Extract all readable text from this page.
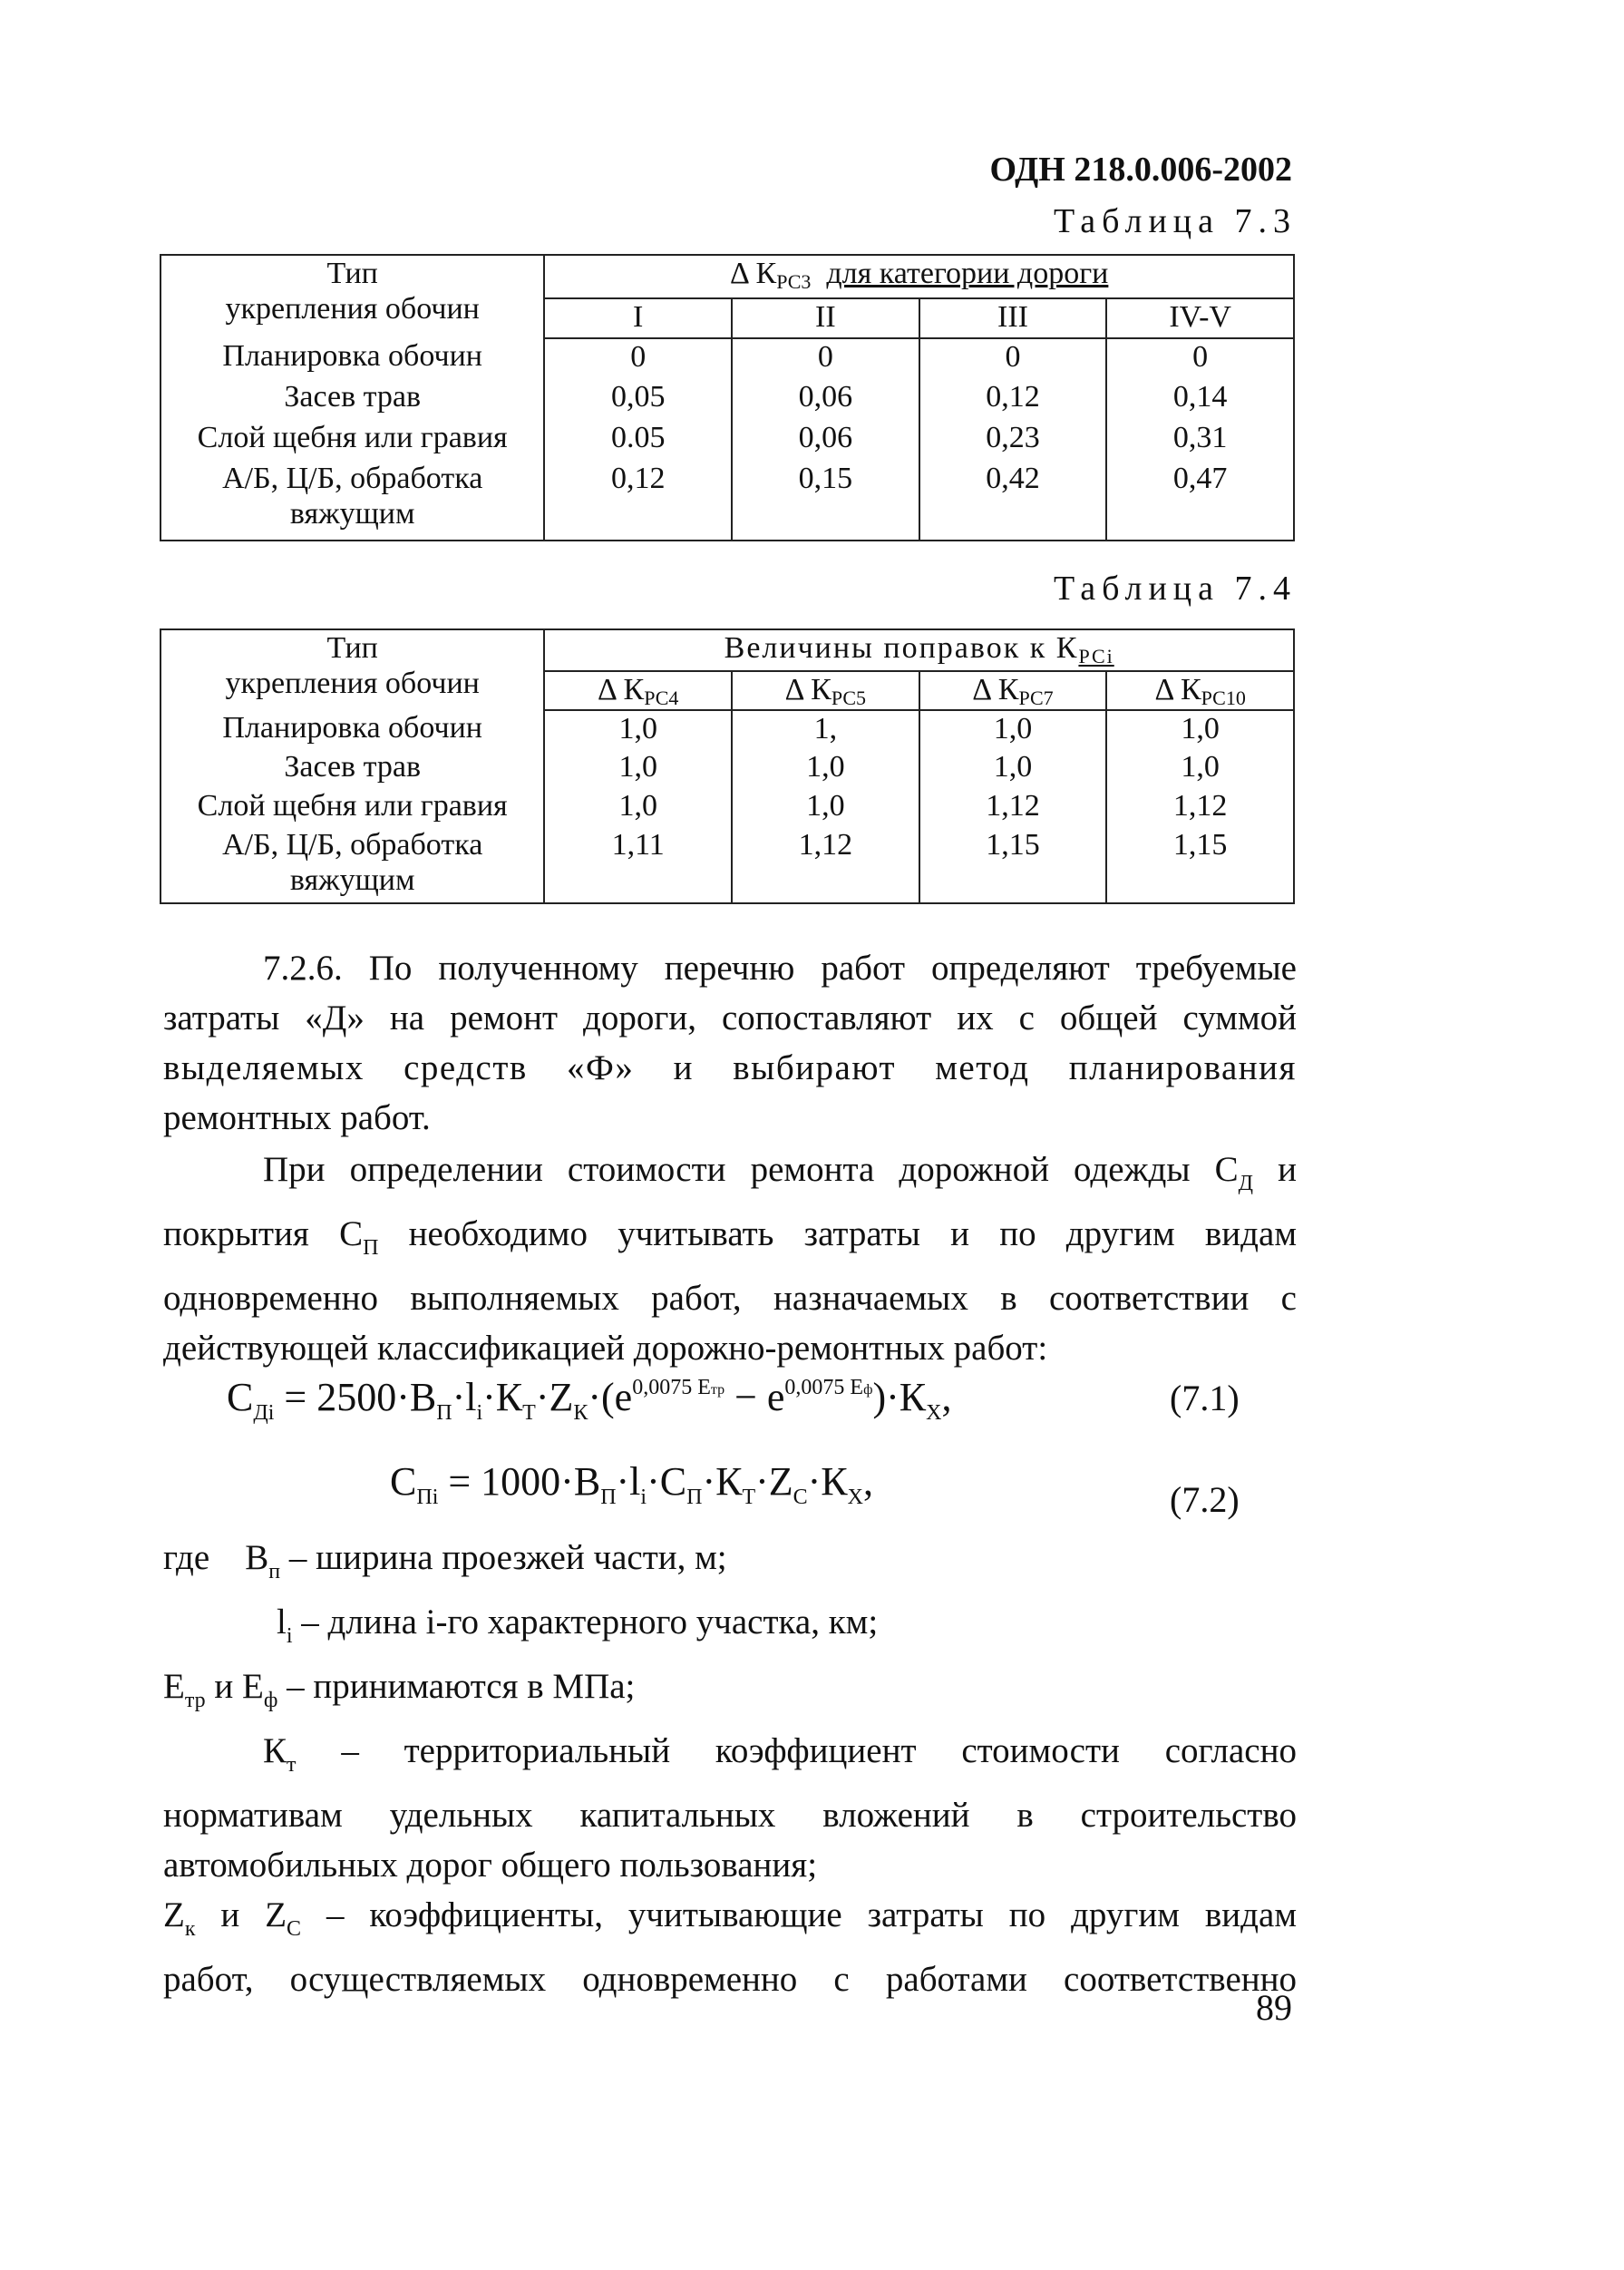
ОДН 218.0.006-2002
Таблица 7.3
Тип
укрепления обочин	Δ КРС3 для категории дороги			
	I	II	III	IV-V
Планировка обочин	0	0	0	0
Засев трав	0,05	0,06	0,12	0,14
Слой щебня или гравия	0.05	0,06	0,23	0,31

А/Б, Ц/Б, обработка
вяжущим	0,12	0,15	0,42	0,47
Таблица 7.4
Тип
укрепления обочин	Величины поправок к КРСi			
	Δ КРС4	Δ КРС5	Δ КРС7	Δ КРС10
Планировка обочин	1,0	1,	1,0	1,0
Засев трав	1,0	1,0	1,0	1,0
Слой щебня или гравия	1,0	1,0	1,12	1,12

А/Б, Ц/Б, обработка
вяжущим	1,11	1,12	1,15	1,15
7.2.6. По полученному перечню работ определяют требуемые
затраты «Д» на ремонт дороги, сопоставляют их с общей суммой
выделяемых средств «Ф» и выбирают метод планирования
ремонтных работ.
При определении стоимости ремонта дорожной одежды $С_Д$ и
покрытия $С_П$ необходимо учитывать затраты и по другим видам
одновременно выполняемых работ, назначаемых в соответствии с
действующей классификацией дорожно-ремонтных работ:
$С_{Дi} = 2500\cdot В_П\cdot l_i\cdot К_Т\cdot Z_К\cdot(e^{0,0075 Етр} - e^{0,0075 Еф})\cdot К_Х$,	(7.1)
$С_{Пi} = 1000\cdot В_П\cdot l_i\cdot С_П\cdot К_Т\cdot Z_С\cdot К_Х$,	(7.2)
где $В_п$ – ширина проезжей части, м;
$l_i$ – длина i-го характерного участка, км;
$Е_{тр}$ и $Е_ф$ – принимаются в МПа;
$К_т$ – территориальный коэффициент стоимости согласно
нормативам удельных капитальных вложений в строительство
автомобильных дорог общего пользования;
$Z_к$ и $Z_С$ – коэффициенты, учитывающие затраты по другим видам
работ, осуществляемых одновременно с работами соответственно
89
